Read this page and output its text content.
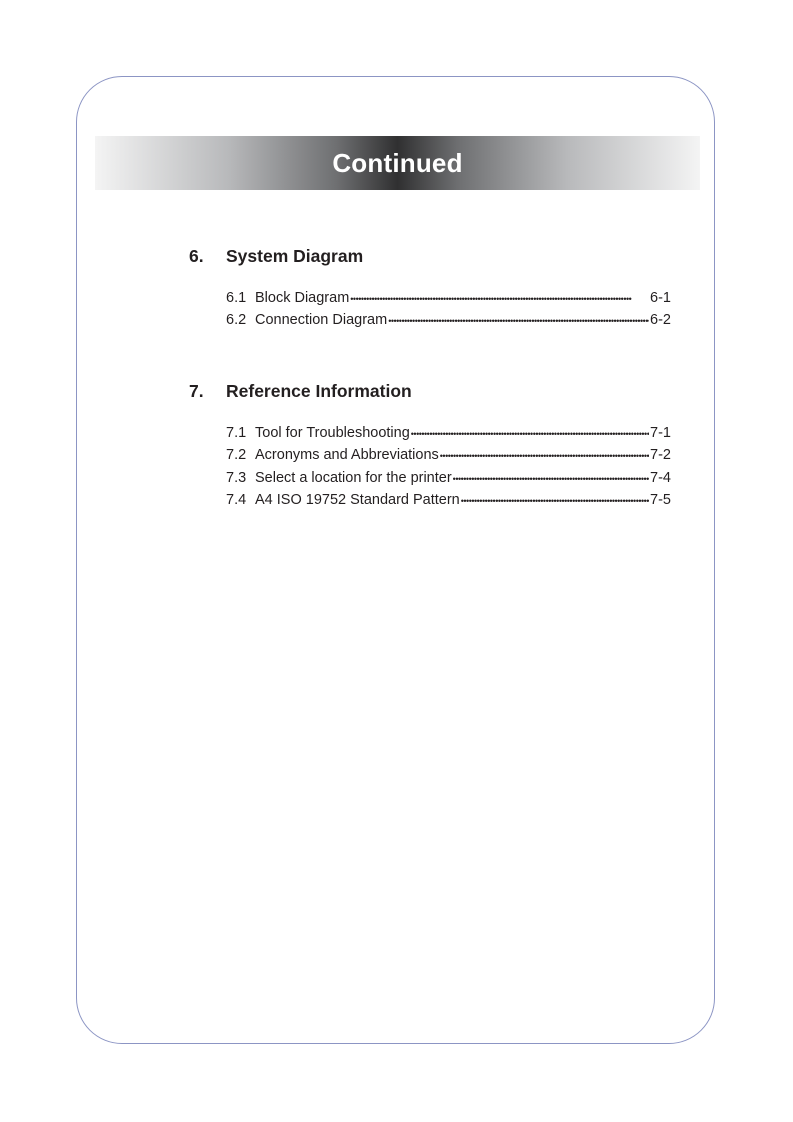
Continued
6.	System Diagram
6.1 Block Diagram •••••	6-1
6.2 Connection Diagram •••••	6-2
7.	Reference Information
7.1 Tool for Troubleshooting •••••	7-1
7.2 Acronyms and Abbreviations •••••	7-2
7.3 Select a location for the printer •••••	7-4
7.4 A4 ISO 19752 Standard Pattern •••••	7-5
